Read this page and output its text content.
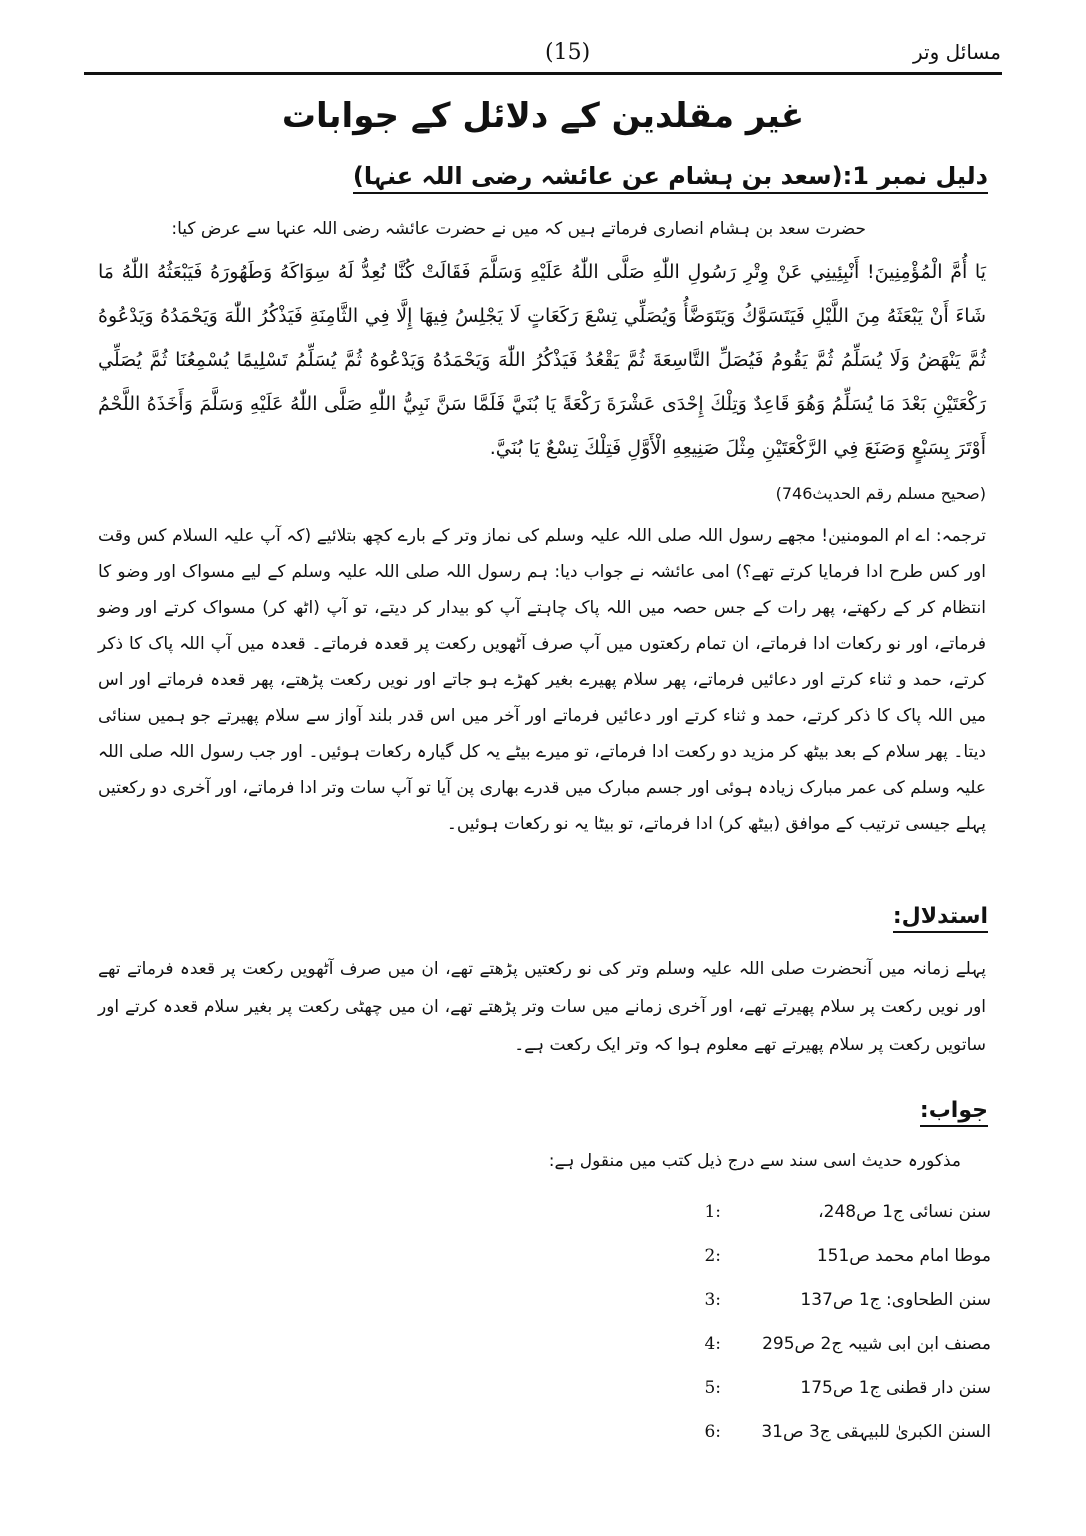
(15)	مسائل وتر
غیر مقلدین کے دلائل کے جوابات
دلیل نمبر 1:(سعد بن ہشام عن عائشہ رضی اللہ عنہا)
حضرت سعد بن ہشام انصاری فرماتے ہیں کہ میں نے حضرت عائشہ رضی اللہ عنہا سے عرض کیا:
يَا أُمَّ الْمُؤْمِنِينَ! أَنْبِئِينِي عَنْ وِتْرِ رَسُولِ اللّٰهِ صَلَّى اللّٰهُ عَلَيْهِ وَسَلَّمَ فَقَالَتْ كُنَّا نُعِدُّ لَهُ سِوَاكَهُ وَطَهُورَهُ فَيَبْعَثُهُ اللّٰهُ مَا شَاءَ أَنْ يَبْعَثَهُ مِنَ اللَّيْلِ فَيَتَسَوَّكُ وَيَتَوَضَّأُ وَيُصَلِّي تِسْعَ رَكَعَاتٍ لَا يَجْلِسُ فِيهَا إِلَّا فِي الثَّامِنَةِ فَيَذْكُرُ اللّٰهَ وَيَحْمَدُهُ وَيَدْعُوهُ ثُمَّ يَنْهَضُ وَلَا يُسَلِّمُ ثُمَّ يَقُومُ فَيُصَلِّ التَّاسِعَةَ ثُمَّ يَقْعُدُ فَيَذْكُرُ اللّٰهَ وَيَحْمَدُهُ وَيَدْعُوهُ ثُمَّ يُسَلِّمُ تَسْلِيمًا يُسْمِعُنَا ثُمَّ يُصَلِّي رَكْعَتَيْنِ بَعْدَ مَا يُسَلِّمُ وَهُوَ قَاعِدٌ وَتِلْكَ إِحْدَى عَشْرَةَ رَكْعَةً يَا بُنَيَّ فَلَمَّا سَنَّ نَبِيُّ اللّٰهِ صَلَّى اللّٰهُ عَلَيْهِ وَسَلَّمَ وَأَخَذَهُ اللَّحْمُ أَوْتَرَ بِسَبْعٍ وَصَنَعَ فِي الرَّكْعَتَيْنِ مِثْلَ صَنِيعِهِ الْأَوَّلِ فَتِلْكَ تِسْعٌ يَا بُنَيَّ.
(صحیح مسلم رقم الحدیث746)
ترجمہ: اے ام المومنین! مجھے رسول اللہ صلی اللہ علیہ وسلم کی نماز وتر کے بارے کچھ بتلائیے (کہ آپ علیہ السلام کس وقت اور کس طرح ادا فرمایا کرتے تھے؟) امی عائشہ نے جواب دیا: ہم رسول اللہ صلی اللہ علیہ وسلم کے لیے مسواک اور وضو کا انتظام کر کے رکھتے، پھر رات کے جس حصہ میں اللہ پاک چاہتے آپ کو بیدار کر دیتے، تو آپ (اٹھ کر) مسواک کرتے اور وضو فرماتے، اور نو رکعات ادا فرماتے، ان تمام رکعتوں میں آپ صرف آٹھویں رکعت پر قعدہ فرماتے۔ قعدہ میں آپ اللہ پاک کا ذکر کرتے، حمد و ثناء کرتے اور دعائیں فرماتے، پھر سلام پھیرے بغیر کھڑے ہو جاتے اور نویں رکعت پڑھتے، پھر قعدہ فرماتے اور اس میں اللہ پاک کا ذکر کرتے، حمد و ثناء کرتے اور دعائیں فرماتے اور آخر میں اس قدر بلند آواز سے سلام پھیرتے جو ہمیں سنائی دیتا۔ پھر سلام کے بعد بیٹھ کر مزید دو رکعت ادا فرماتے، تو میرے بیٹے یہ کل گیارہ رکعات ہوئیں۔ اور جب رسول اللہ صلی اللہ علیہ وسلم کی عمر مبارک زیادہ ہوئی اور جسم مبارک میں قدرے بھاری پن آیا تو آپ سات وتر ادا فرماتے، اور آخری دو رکعتیں پہلے جیسی ترتیب کے موافق (بیٹھ کر) ادا فرماتے، تو بیٹا یہ نو رکعات ہوئیں۔
استدلال:
پہلے زمانہ میں آنحضرت صلی اللہ علیہ وسلم وتر کی نو رکعتیں پڑھتے تھے، ان میں صرف آٹھویں رکعت پر قعدہ فرماتے تھے اور نویں رکعت پر سلام پھیرتے تھے، اور آخری زمانے میں سات وتر پڑھتے تھے، ان میں چھٹی رکعت پر بغیر سلام قعدہ کرتے اور ساتویں رکعت پر سلام پھیرتے تھے معلوم ہوا کہ وتر ایک رکعت ہے۔
جواب:
مذکورہ حدیث اسی سند سے درج ذیل کتب میں منقول ہے:
سنن نسائی ج1 ص248،
1:
موطا امام محمد ص151
2:
سنن الطحاوی: ج1 ص137
3:
مصنف ابن ابی شیبہ ج2 ص295
4:
سنن دار قطنی ج1 ص175
5:
السنن الکبریٰ للبیہقی ج3 ص31
6:
